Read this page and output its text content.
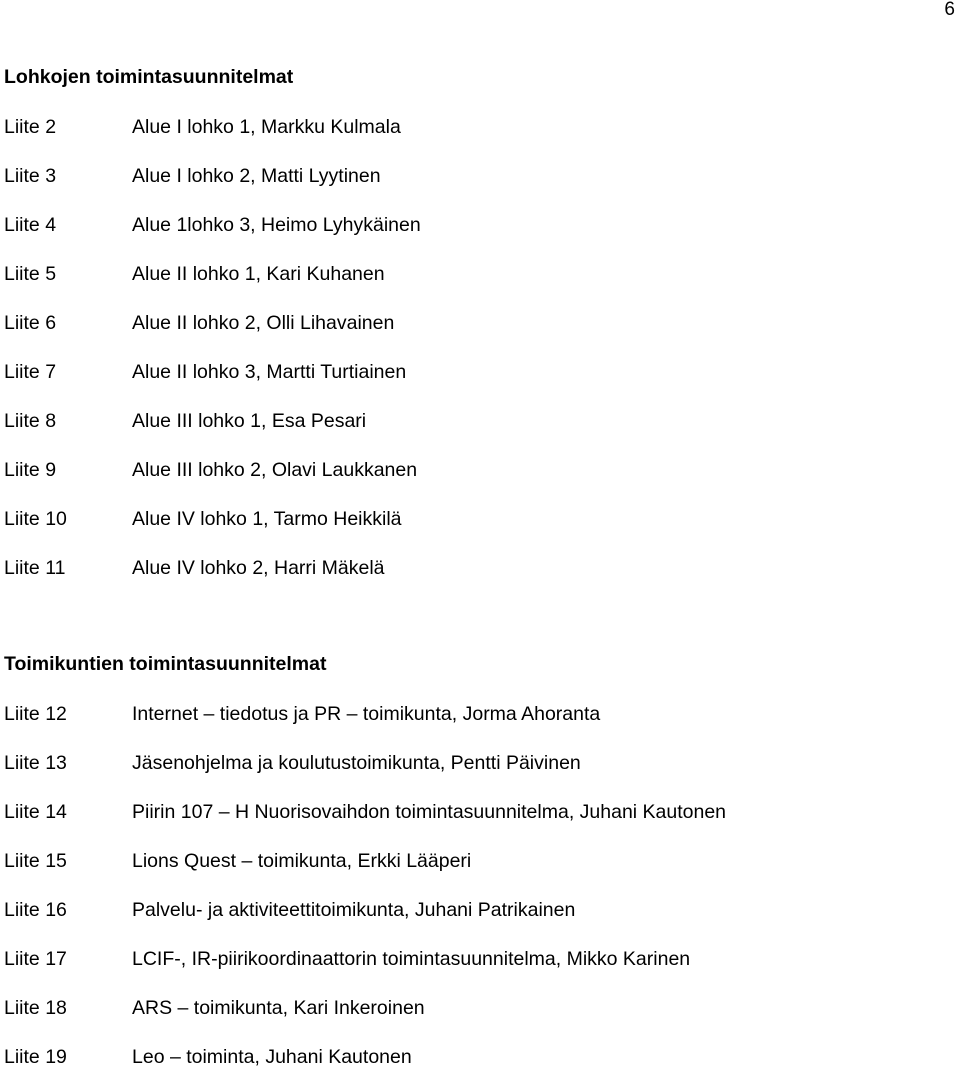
6
Lohkojen toimintasuunnitelmat
Liite 2	Alue I lohko 1, Markku Kulmala
Liite 3	Alue I lohko 2, Matti Lyytinen
Liite 4	Alue 1lohko 3, Heimo Lyhykäinen
Liite 5	Alue II lohko 1, Kari Kuhanen
Liite 6	Alue II lohko 2, Olli Lihavainen
Liite 7	Alue II lohko 3, Martti Turtiainen
Liite 8	Alue III lohko 1, Esa Pesari
Liite 9	Alue III lohko 2, Olavi Laukkanen
Liite 10	Alue IV lohko 1, Tarmo Heikkilä
Liite 11	Alue IV lohko 2, Harri Mäkelä
Toimikuntien toimintasuunnitelmat
Liite 12	Internet – tiedotus ja PR – toimikunta, Jorma Ahoranta
Liite 13	Jäsenohjelma ja koulutustoimikunta, Pentti Päivinen
Liite 14	Piirin 107 – H Nuorisovaihdon toimintasuunnitelma, Juhani Kautonen
Liite 15	Lions Quest – toimikunta, Erkki Lääperi
Liite 16	Palvelu- ja aktiviteettitoimikunta, Juhani Patrikainen
Liite 17	LCIF-, IR-piirikoordinaattorin toimintasuunnitelma, Mikko Karinen
Liite 18	ARS – toimikunta, Kari Inkeroinen
Liite 19	Leo – toiminta, Juhani Kautonen
